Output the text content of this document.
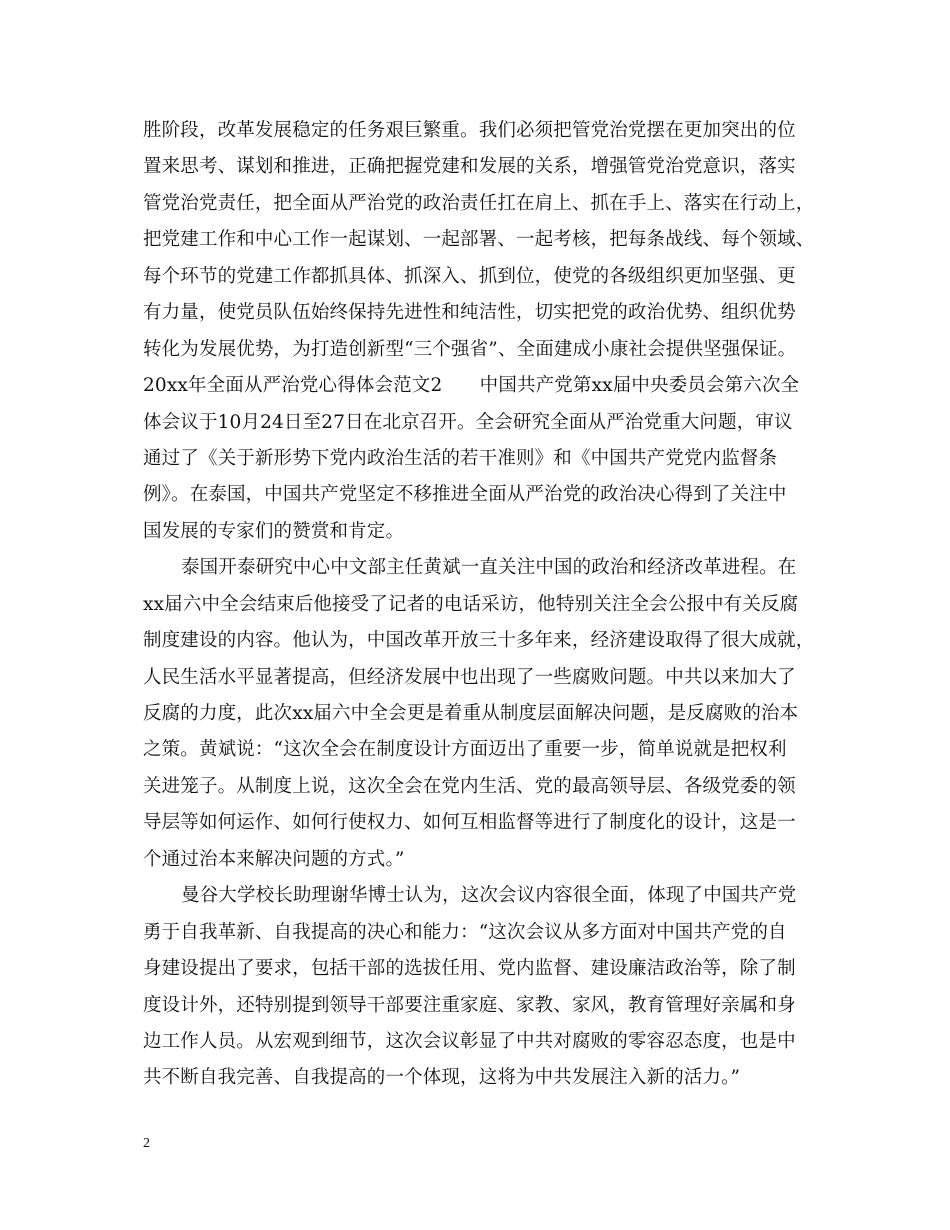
胜阶段，改革发展稳定的任务艰巨繁重。我们必须把管党治党摆在更加突出的位
置来思考、谋划和推进，正确把握党建和发展的关系，增强管党治党意识，落实
管党治党责任，把全面从严治党的政治责任扛在肩上、抓在手上、落实在行动上，
把党建工作和中心工作一起谋划、一起部署、一起考核，把每条战线、每个领域、
每个环节的党建工作都抓具体、抓深入、抓到位，使党的各级组织更加坚强、更
有力量，使党员队伍始终保持先进性和纯洁性，切实把党的政治优势、组织优势
转化为发展优势，为打造创新型“三个强省”、全面建成小康社会提供坚强保证。
20xx年全面从严治党心得体会范文2　　中国共产党第xx届中央委员会第六次全
体会议于10月24日至27日在北京召开。全会研究全面从严治党重大问题，审议
通过了《关于新形势下党内政治生活的若干准则》和《中国共产党党内监督条
例》。在泰国，中国共产党坚定不移推进全面从严治党的政治决心得到了关注中
国发展的专家们的赞赏和肯定。
泰国开泰研究中心中文部主任黄斌一直关注中国的政治和经济改革进程。在
xx届六中全会结束后他接受了记者的电话采访，他特别关注全会公报中有关反腐
制度建设的内容。他认为，中国改革开放三十多年来，经济建设取得了很大成就，
人民生活水平显著提高，但经济发展中也出现了一些腐败问题。中共以来加大了
反腐的力度，此次xx届六中全会更是着重从制度层面解决问题，是反腐败的治本
之策。黄斌说：“这次全会在制度设计方面迈出了重要一步，简单说就是把权利
关进笼子。从制度上说，这次全会在党内生活、党的最高领导层、各级党委的领
导层等如何运作、如何行使权力、如何互相监督等进行了制度化的设计，这是一
个通过治本来解决问题的方式。”
曼谷大学校长助理谢华博士认为，这次会议内容很全面，体现了中国共产党
勇于自我革新、自我提高的决心和能力：“这次会议从多方面对中国共产党的自
身建设提出了要求，包括干部的选拔任用、党内监督、建设廉洁政治等，除了制
度设计外，还特别提到领导干部要注重家庭、家教、家风，教育管理好亲属和身
边工作人员。从宏观到细节，这次会议彰显了中共对腐败的零容忍态度，也是中
共不断自我完善、自我提高的一个体现，这将为中共发展注入新的活力。”
2
